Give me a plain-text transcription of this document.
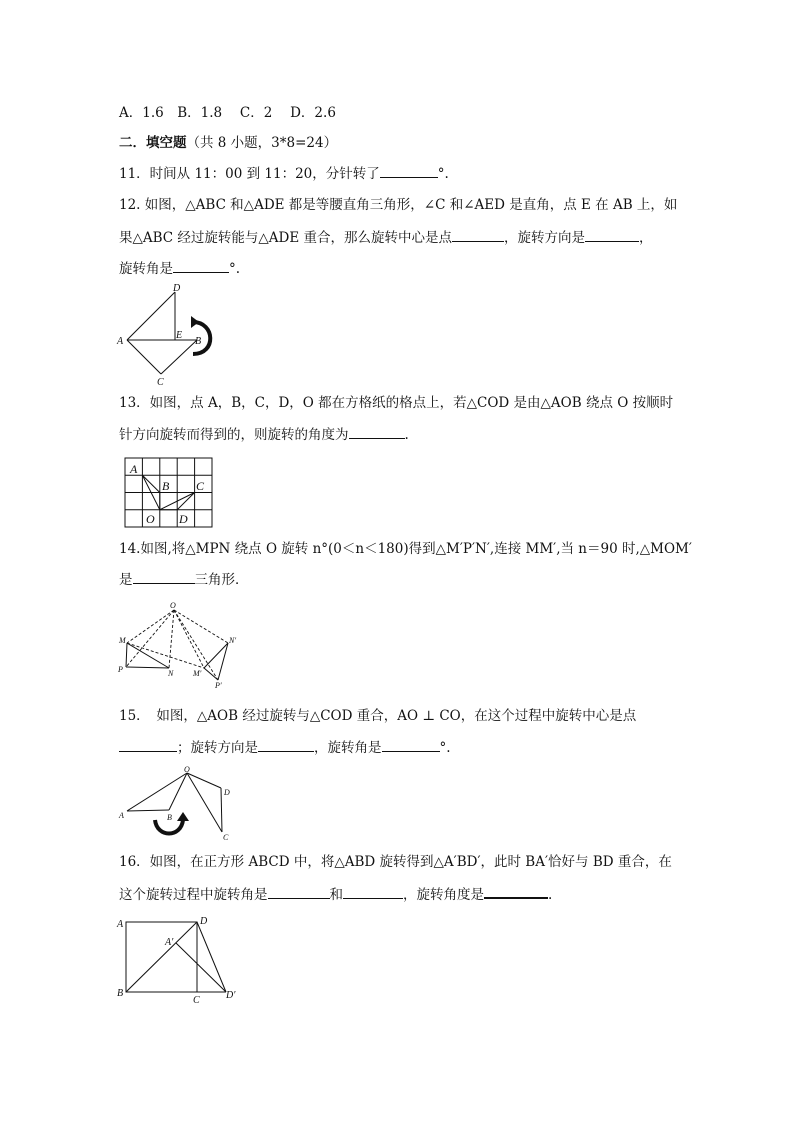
A．1.6　B．1.8　 C．2　 D．2.6
二．填空题（共 8 小题，3*8=24）
11．时间从 11：00 到 11：20，分针转了	°.
12. 如图，△ABC 和△ADE 都是等腰直角三角形，∠C 和∠AED 是直角，点 E 在 AB 上，如
果△ABC 经过旋转能与△ADE 重合，那么旋转中心是点	，旋转方向是	，
旋转角是	°.
A
D
E
B
C
13．如图，点 A，B，C，D，O 都在方格纸的格点上，若△COD 是由△AOB 绕点 O 按顺时
针方向旋转而得到的，则旋转的角度为	.
A
B C
O D
14.如图,将△MPN 绕点 O 旋转 n°(0＜n＜180)得到△M′P′N′,连接 MM′,当 n＝90 时,△MOM′
是	三角形．
O
M
P	N M′
N′
P′
15．　如图，△AOB 经过旋转与△COD 重合，AO ⊥ CO，在这个过程中旋转中心是点
；旋转方向是	，旋转角是	°.
O
A	B
D
C
16．如图，在正方形 ABCD 中，将△ABD 旋转得到△A′BD′，此时 BA′恰好与 BD 重合，在
这个旋转过程中旋转角是	和	，旋转角度是	.
A	D
A′
B
C	D′
